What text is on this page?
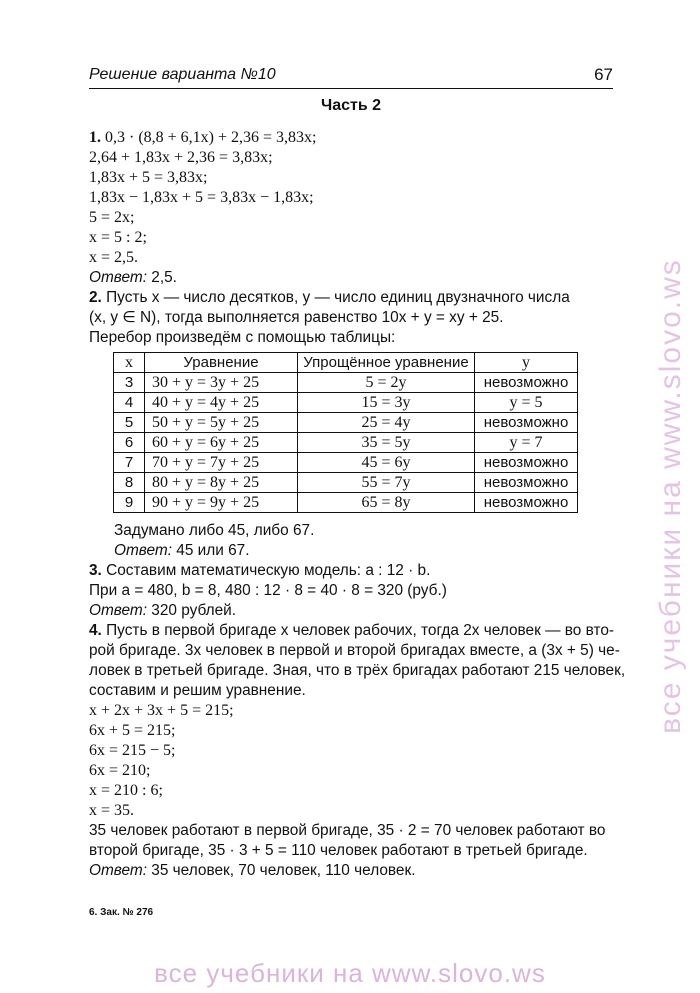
Решение варианта №10	67
Часть 2
1. 0,3 · (8,8 + 6,1x) + 2,36 = 3,83x;
2,64 + 1,83x + 2,36 = 3,83x;
1,83x + 5 = 3,83x;
1,83x − 1,83x + 5 = 3,83x − 1,83x;
5 = 2x;
x = 5 : 2;
x = 2,5.
Ответ: 2,5.
2. Пусть x — число десятков, y — число единиц двузначного числа
(x, y ∈ N), тогда выполняется равенство 10x + y = xy + 25.
Перебор произведём с помощью таблицы:
x	Уравнение	Упрощённое уравнение	y
3	30 + y = 3y + 25	5 = 2y	невозможно
4	40 + y = 4y + 25	15 = 3y	y = 5
5	50 + y = 5y + 25	25 = 4y	невозможно
6	60 + y = 6y + 25	35 = 5y	y = 7
7	70 + y = 7y + 25	45 = 6y	невозможно
8	80 + y = 8y + 25	55 = 7y	невозможно
9	90 + y = 9y + 25	65 = 8y	невозможно
Задумано либо 45, либо 67.
Ответ: 45 или 67.
3. Составим математическую модель: a : 12 · b.
При a = 480, b = 8, 480 : 12 · 8 = 40 · 8 = 320 (руб.)
Ответ: 320 рублей.
4. Пусть в первой бригаде x человек рабочих, тогда 2x человек — во вто-
рой бригаде. 3x человек в первой и второй бригадах вместе, а (3x + 5) че-
ловек в третьей бригаде. Зная, что в трёх бригадах работают 215 человек,
составим и решим уравнение.
x + 2x + 3x + 5 = 215;
6x + 5 = 215;
6x = 215 − 5;
6x = 210;
x = 210 : 6;
x = 35.
35 человек работают в первой бригаде, 35 · 2 = 70 человек работают во
второй бригаде, 35 · 3 + 5 = 110 человек работают в третьей бригаде.
Ответ: 35 человек, 70 человек, 110 человек.
6. Зак. № 276
все учебники на www.slovo.ws
все учебники на www.slovo.ws
